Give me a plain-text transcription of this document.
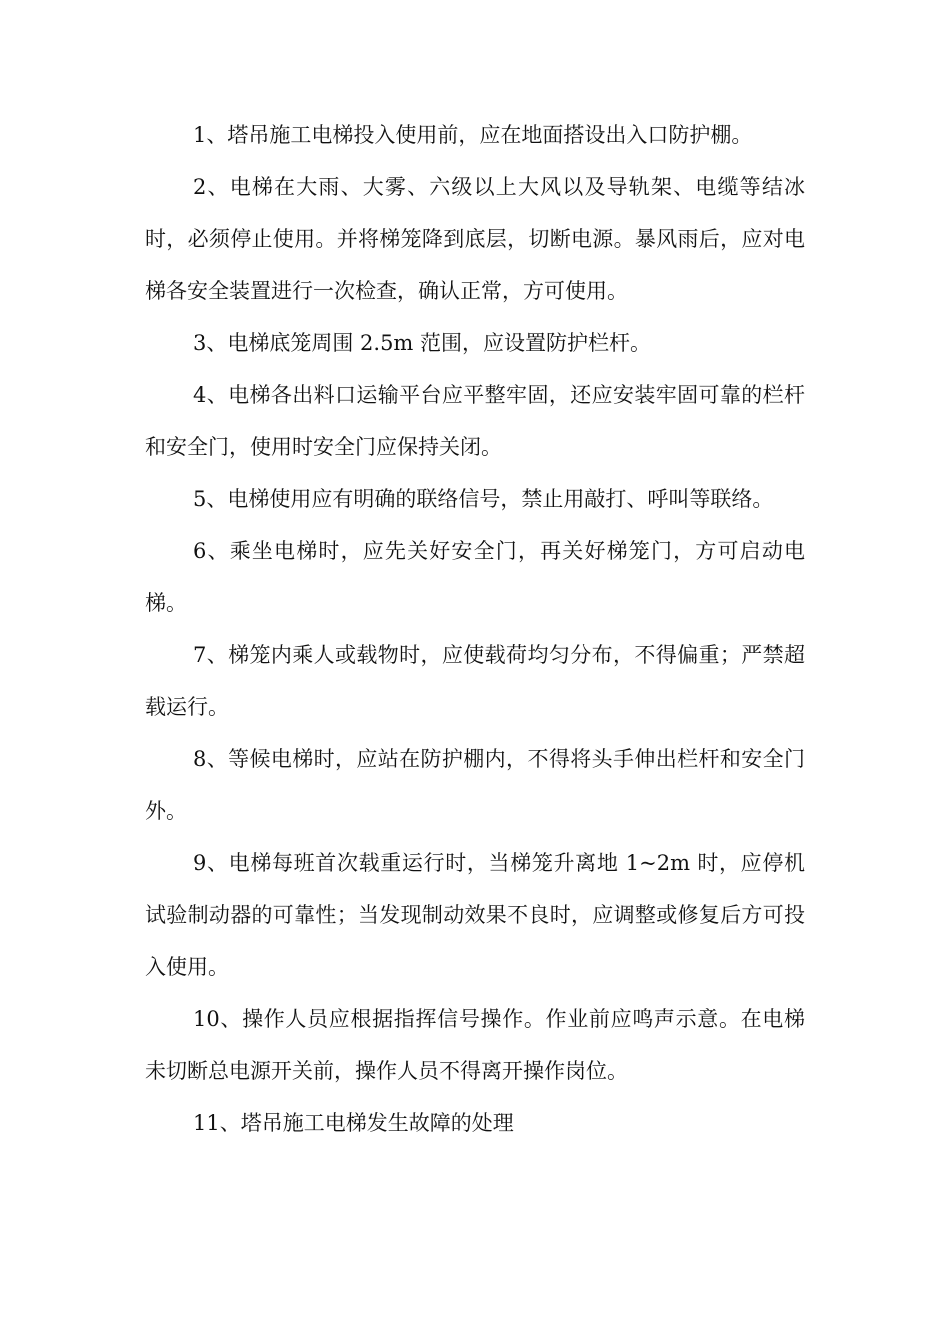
1、塔吊施工电梯投入使用前，应在地面搭设出入口防护棚。

2、电梯在大雨、大雾、六级以上大风以及导轨架、电缆等结冰时，必须停止使用。并将梯笼降到底层，切断电源。暴风雨后，应对电梯各安全装置进行一次检查，确认正常，方可使用。

3、电梯底笼周围 2.5m 范围，应设置防护栏杆。

4、电梯各出料口运输平台应平整牢固，还应安装牢固可靠的栏杆和安全门，使用时安全门应保持关闭。

5、电梯使用应有明确的联络信号，禁止用敲打、呼叫等联络。

6、乘坐电梯时，应先关好安全门，再关好梯笼门，方可启动电梯。

7、梯笼内乘人或载物时，应使载荷均匀分布，不得偏重；严禁超载运行。

8、等候电梯时，应站在防护棚内，不得将头手伸出栏杆和安全门外。

9、电梯每班首次载重运行时，当梯笼升离地 1~2m 时，应停机试验制动器的可靠性；当发现制动效果不良时，应调整或修复后方可投入使用。

10、操作人员应根据指挥信号操作。作业前应鸣声示意。在电梯未切断总电源开关前，操作人员不得离开操作岗位。

11、塔吊施工电梯发生故障的处理
